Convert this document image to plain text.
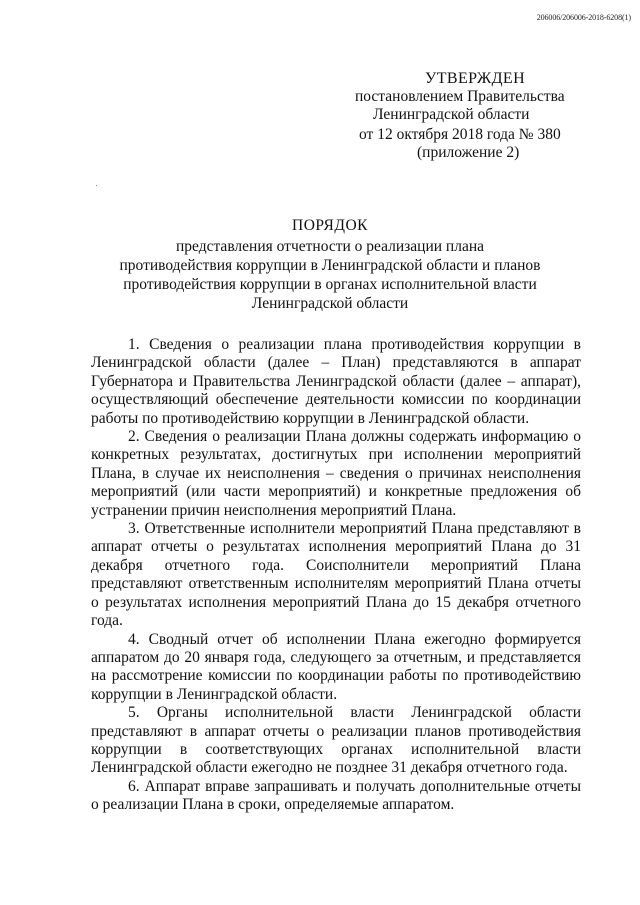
206006/206006-2018-6208(1)
УТВЕРЖДЕН
постановлением Правительства
Ленинградской области
от 12 октября 2018 года № 380
(приложение 2)
ПОРЯДОК
представления отчетности о реализации плана
противодействия коррупции в Ленинградской области и планов
противодействия коррупции в органах исполнительной власти
Ленинградской области

1. Сведения о реализации плана противодействия коррупции в Ленинградской области (далее – План) представляются в аппарат Губернатора и Правительства Ленинградской области (далее – аппарат), осуществляющий обеспечение деятельности комиссии по координации работы по противодействию коррупции в Ленинградской области.

2. Сведения о реализации Плана должны содержать информацию о конкретных результатах, достигнутых при исполнении мероприятий Плана, в случае их неисполнения – сведения о причинах неисполнения мероприятий (или части мероприятий) и конкретные предложения об устранении причин неисполнения мероприятий Плана.

3. Ответственные исполнители мероприятий Плана представляют в аппарат отчеты о результатах исполнения мероприятий Плана до 31 декабря отчетного года. Соисполнители мероприятий Плана представляют ответственным исполнителям мероприятий Плана отчеты о результатах исполнения мероприятий Плана до 15 декабря отчетного года.

4. Сводный отчет об исполнении Плана ежегодно формируется аппаратом до 20 января года, следующего за отчетным, и представляется на рассмотрение комиссии по координации работы по противодействию коррупции в Ленинградской области.

5. Органы исполнительной власти Ленинградской области представляют в аппарат отчеты о реализации планов противодействия коррупции в соответствующих органах исполнительной власти Ленинградской области ежегодно не позднее 31 декабря отчетного года.

6. Аппарат вправе запрашивать и получать дополнительные отчеты о реализации Плана в сроки, определяемые аппаратом.
